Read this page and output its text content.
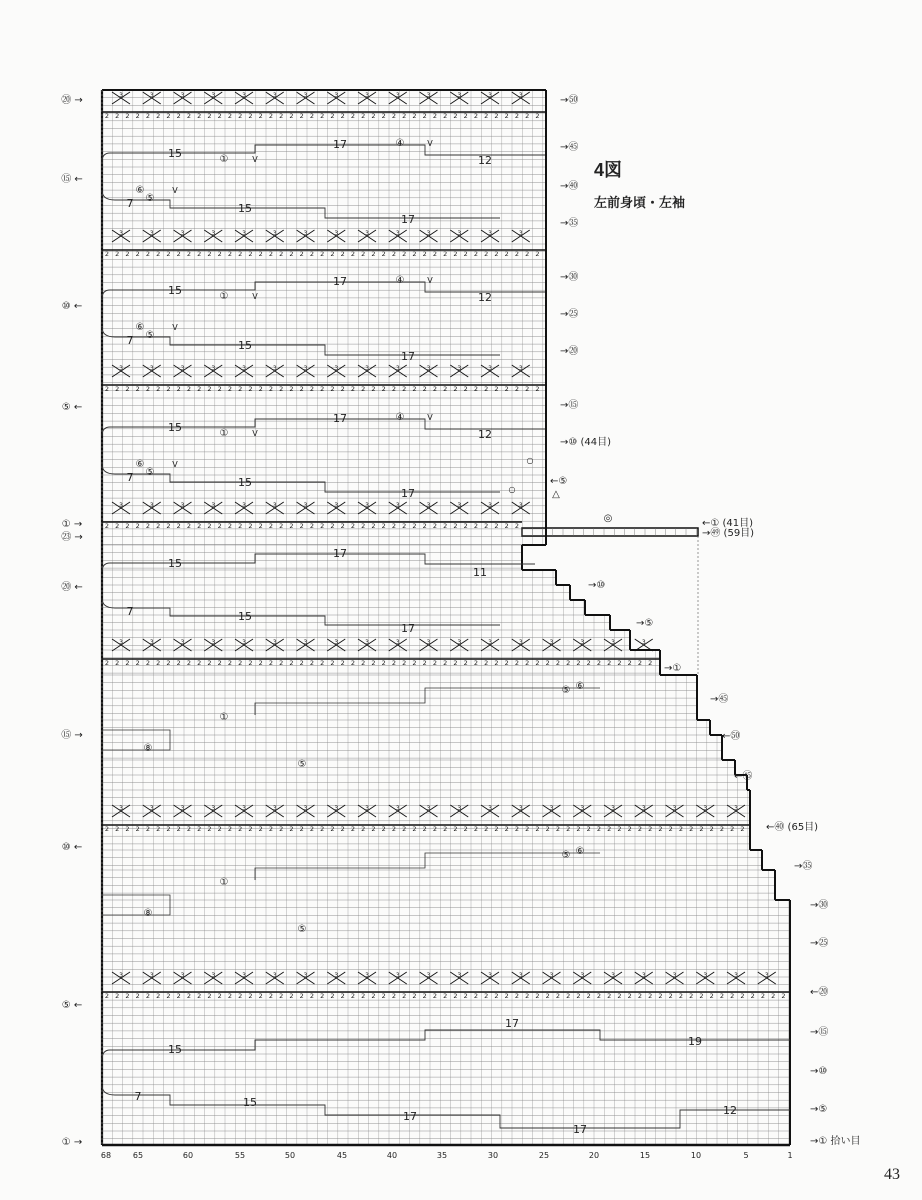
3	3	3	3	3	3	3	3	3	3	3	3	3	3
2 2 2 2 2 2 2 2 2 2 2 2 2 2 2 2 2 2 2 2 2 2 2 2 2 2 2 2 2 2 2 2 2 2 2 2 2 2 2 2 2 2 2
3	3	3	3	3	3	3	3	3	3	3	3	3	3
2 2 2 2 2 2 2 2 2 2 2 2 2 2 2 2 2 2 2 2 2 2 2 2 2 2 2 2 2 2 2 2 2 2 2 2 2 2 2 2 2 2 2
3	3	3	3	3	3	3	3	3	3	3	3	3	3
2 2 2 2 2 2 2 2 2 2 2 2 2 2 2 2 2 2 2 2 2 2 2 2 2 2 2 2 2 2 2 2 2 2 2 2 2 2 2 2 2 2 2
3	3	3	3	3	3	3	3	3	3	3	3	3	3
2 2 2 2 2 2 2 2 2 2 2 2 2 2 2 2 2 2 2 2 2 2 2 2 2 2 2 2 2 2 2 2 2 2 2 2 2 2 2 2 2
3	3	3	3	3	3	3	3	3	3	3	3	3	3	3	3	3	3
2 2 2 2 2 2 2 2 2 2 2 2 2 2 2 2 2 2 2 2 2 2 2 2 2 2 2 2 2 2 2 2 2 2 2 2 2 2 2 2 2 2 2 2 2 2 2 2 2 2 2 2 2 2
3	3	3	3	3	3	3	3	3	3	3	3	3	3	3	3	3	3	3	3	3
2 2 2 2 2 2 2 2 2 2 2 2 2 2 2 2 2 2 2 2 2 2 2 2 2 2 2 2 2 2 2 2 2 2 2 2 2 2 2 2 2 2 2 2 2 2 2 2 2 2 2 2 2 2 2 2 2 2 2 2 2 2 2
3	3	3	3	3	3	3	3	3	3	3	3	3	3	3	3	3	3	3	3	3	3
2 2 2 2 2 2 2 2 2 2 2 2 2 2 2 2 2 2 2 2 2 2 2 2 2 2 2 2 2 2 2 2 2 2 2 2 2 2 2 2 2 2 2 2 2 2 2 2 2 2 2 2 2 2 2 2 2 2 2 2 2 2 2 2 2 2 2
15
17
12
④
①
V
V
7	15
17
⑥
⑤
V
15
17
12
④
①
V
V
7	15
17
⑥
⑤
V
15
17
12
④
①
V
V
7	15
17
⑥
⑤
V
15
17
11
7	15
17
①
⑧
⑤
⑤ ⑥
①
⑧
⑤
⑤ ⑥
15
17
19
7	15
17
17
12
68	65	60	55	50	45	40	35	30	25	20	15	10	5	1
⑳ →
⑮ ←
⑩ ←
⑤ ←
① →
㉓ →
⑳ ←
⑮ →
⑩ ←
⑤ ←
① →
→㊿
→㊺
→㊵
→㉟
→㉚
→㉕
→⑳
→⑮
→⑩ (44目)
←⑤
←① (41目)
→㊾ (59目)
→⑩
→⑤
→①
→㊺
←㊿
←㊺
←㊵ (65目)
→㉟
→㉚
→㉕
←⑳
→⑮
→⑩
→⑤
→① 拾い目
◎
△
○
○
4図
左前身頃・左袖
43
